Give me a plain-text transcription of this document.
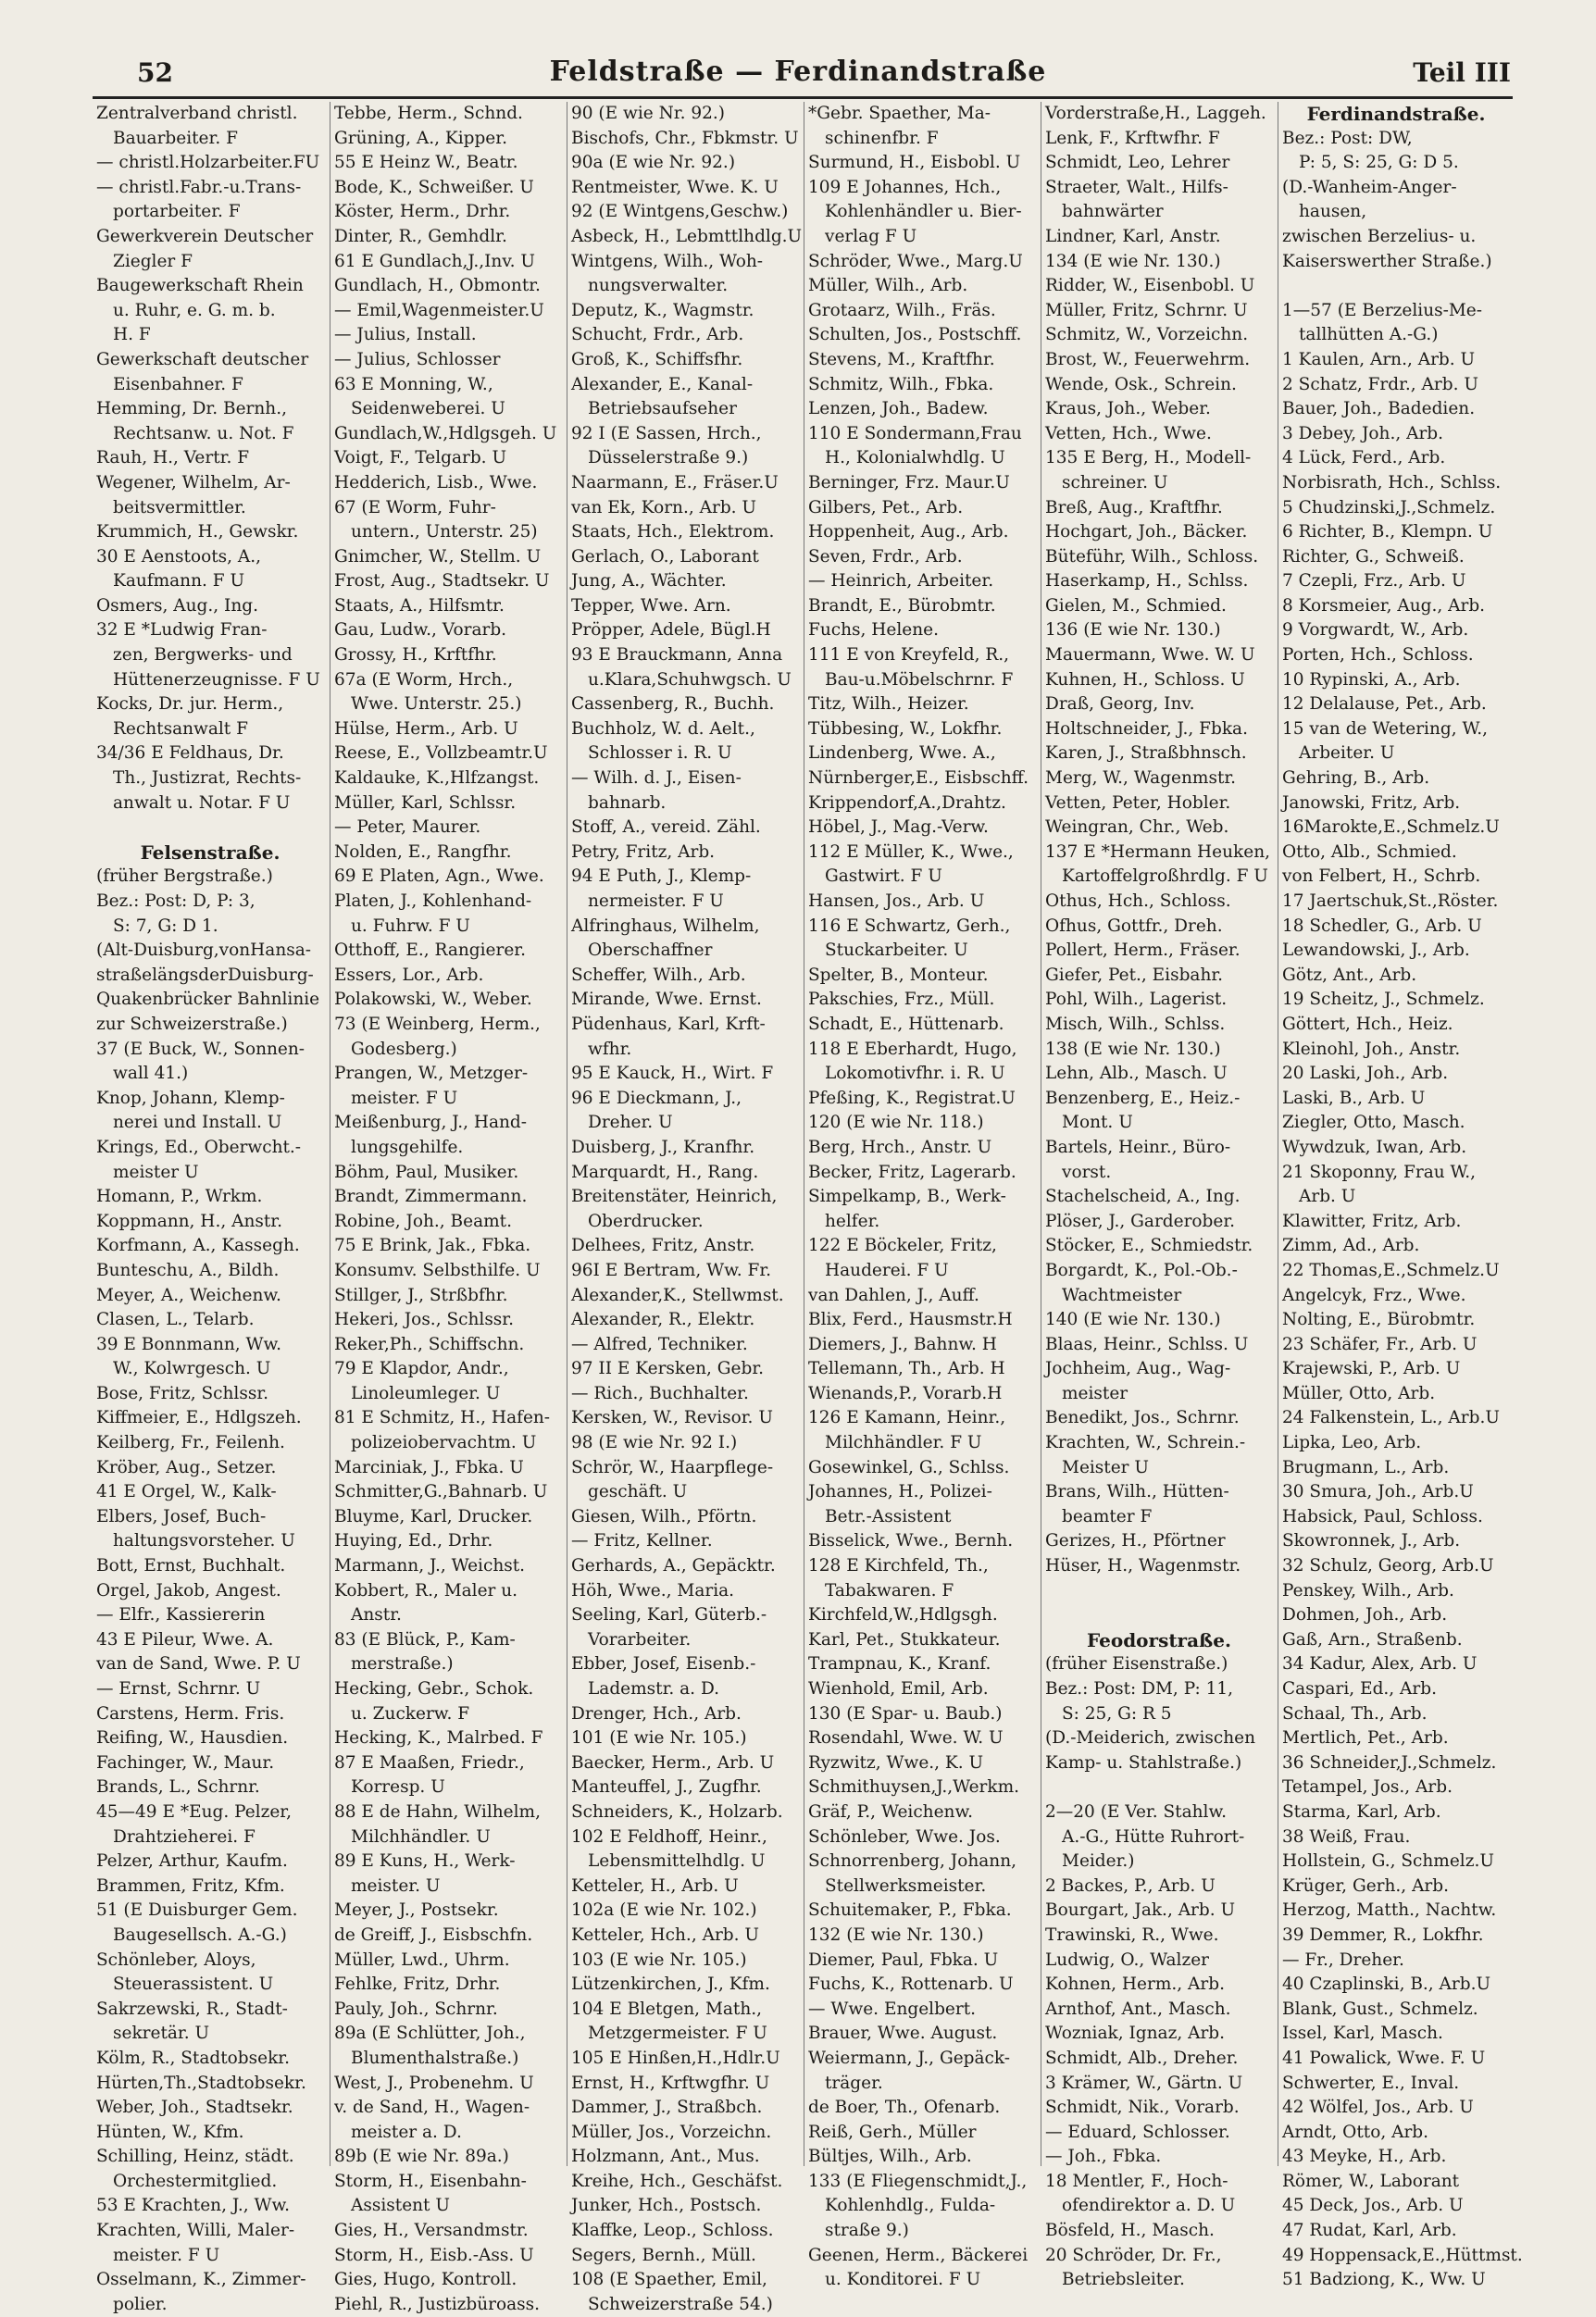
52	Feldstraße — Ferdinandstraße	Teil III
Zentralverband christl.
Bauarbeiter. F
— christl.Holzarbeiter.FU
— christl.Fabr.-u.Trans-
portarbeiter. F
Gewerkverein Deutscher
Ziegler F
Baugewerkschaft Rhein
u. Ruhr, e. G. m. b.
H. F
Gewerkschaft deutscher
Eisenbahner. F
Hemming, Dr. Bernh.,
Rechtsanw. u. Not. F
Rauh, H., Vertr. F
Wegener, Wilhelm, Ar-
beitsvermittler.
Krummich, H., Gewskr.
30 E Aenstoots, A.,
Kaufmann. F U
Osmers, Aug., Ing.
32 E *Ludwig Fran-
zen, Bergwerks- und
Hüttenerzeugnisse. F U
Kocks, Dr. jur. Herm.,
Rechtsanwalt F
34/36 E Feldhaus, Dr.
Th., Justizrat, Rechts-
anwalt u. Notar. F U
Felsenstraße.
(früher Bergstraße.)
Bez.: Post: D, P: 3,
S: 7, G: D 1.
(Alt-Duisburg,vonHansa-
straßelängsderDuisburg-
Quakenbrücker Bahnlinie
zur Schweizerstraße.)
37 (E Buck, W., Sonnen-
wall 41.)
Knop, Johann, Klemp-
nerei und Install. U
Krings, Ed., Oberwcht.-
meister U
Homann, P., Wrkm.
Koppmann, H., Anstr.
Korfmann, A., Kassegh.
Bunteschu, A., Bildh.
Meyer, A., Weichenw.
Clasen, L., Telarb.
39 E Bonnmann, Ww.
W., Kolwrgesch. U
Bose, Fritz, Schlssr.
Kiffmeier, E., Hdlgszeh.
Keilberg, Fr., Feilenh.
Kröber, Aug., Setzer.
41 E Orgel, W., Kalk-
Elbers, Josef, Buch-
haltungsvorsteher. U
Bott, Ernst, Buchhalt.
Orgel, Jakob, Angest.
— Elfr., Kassiererin
43 E Pileur, Wwe. A.
van de Sand, Wwe. P. U
— Ernst, Schrnr. U
Carstens, Herm. Fris.
Reifing, W., Hausdien.
Fachinger, W., Maur.
Brands, L., Schrnr.
45—49 E *Eug. Pelzer,
Drahtzieherei. F
Pelzer, Arthur, Kaufm.
Brammen, Fritz, Kfm.
51 (E Duisburger Gem.
Baugesellsch. A.-G.)
Schönleber, Aloys,
Steuerassistent. U
Sakrzewski, R., Stadt-
sekretär. U
Kölm, R., Stadtobsekr.
Hürten,Th.,Stadtobsekr.
Weber, Joh., Stadtsekr.
Hünten, W., Kfm.
Schilling, Heinz, städt.
Orchestermitglied.
53 E Krachten, J., Ww.
Krachten, Willi, Maler-
meister. F U
Osselmann, K., Zimmer-
polier.
Tebbe, Herm., Schnd.
Grüning, A., Kipper.
55 E Heinz W., Beatr.
Bode, K., Schweißer. U
Köster, Herm., Drhr.
Dinter, R., Gemhdlr.
61 E Gundlach,J.,Inv. U
Gundlach, H., Obmontr.
— Emil,Wagenmeister.U
— Julius, Install.
— Julius, Schlosser
63 E Monning, W.,
Seidenweberei. U
Gundlach,W.,Hdlgsgeh. U
Voigt, F., Telgarb. U
Hedderich, Lisb., Wwe.
67 (E Worm, Fuhr-
untern., Unterstr. 25)
Gnimcher, W., Stellm. U
Frost, Aug., Stadtsekr. U
Staats, A., Hilfsmtr.
Gau, Ludw., Vorarb.
Grossy, H., Krftfhr.
67a (E Worm, Hrch.,
Wwe. Unterstr. 25.)
Hülse, Herm., Arb. U
Reese, E., Vollzbeamtr.U
Kaldauke, K.,Hlfzangst.
Müller, Karl, Schlssr.
— Peter, Maurer.
Nolden, E., Rangfhr.
69 E Platen, Agn., Wwe.
Platen, J., Kohlenhand-
u. Fuhrw. F U
Otthoff, E., Rangierer.
Essers, Lor., Arb.
Polakowski, W., Weber.
73 (E Weinberg, Herm.,
Godesberg.)
Prangen, W., Metzger-
meister. F U
Meißenburg, J., Hand-
lungsgehilfe.
Böhm, Paul, Musiker.
Brandt, Zimmermann.
Robine, Joh., Beamt.
75 E Brink, Jak., Fbka.
Konsumv. Selbsthilfe. U
Stillger, J., Strßbfhr.
Hekeri, Jos., Schlssr.
Reker,Ph., Schiffschn.
79 E Klapdor, Andr.,
Linoleumleger. U
81 E Schmitz, H., Hafen-
polizeiobervachtm. U
Marciniak, J., Fbka. U
Schmitter,G.,Bahnarb. U
Bluyme, Karl, Drucker.
Huying, Ed., Drhr.
Marmann, J., Weichst.
Kobbert, R., Maler u.
Anstr.
83 (E Blück, P., Kam-
merstraße.)
Hecking, Gebr., Schok.
u. Zuckerw. F
Hecking, K., Malrbed. F
87 E Maaßen, Friedr.,
Korresp. U
88 E de Hahn, Wilhelm,
Milchhändler. U
89 E Kuns, H., Werk-
meister. U
Meyer, J., Postsekr.
de Greiff, J., Eisbschfn.
Müller, Lwd., Uhrm.
Fehlke, Fritz, Drhr.
Pauly, Joh., Schrnr.
89a (E Schlütter, Joh.,
Blumenthalstraße.)
West, J., Probenehm. U
v. de Sand, H., Wagen-
meister a. D.
89b (E wie Nr. 89a.)
Storm, H., Eisenbahn-
Assistent U
Gies, H., Versandmstr.
Storm, H., Eisb.-Ass. U
Gies, Hugo, Kontroll.
Piehl, R., Justizbüroass.
90 (E wie Nr. 92.)
Bischofs, Chr., Fbkmstr. U
90a (E wie Nr. 92.)
Rentmeister, Wwe. K. U
92 (E Wintgens,Geschw.)
Asbeck, H., Lebmttlhdlg.U
Wintgens, Wilh., Woh-
nungsverwalter.
Deputz, K., Wagmstr.
Schucht, Frdr., Arb.
Groß, K., Schiffsfhr.
Alexander, E., Kanal-
Betriebsaufseher
92 I (E Sassen, Hrch.,
Düsselerstraße 9.)
Naarmann, E., Fräser.U
van Ek, Korn., Arb. U
Staats, Hch., Elektrom.
Gerlach, O., Laborant
Jung, A., Wächter.
Tepper, Wwe. Arn.
Pröpper, Adele, Bügl.H
93 E Brauckmann, Anna
u.Klara,Schuhwgsch. U
Cassenberg, R., Buchh.
Buchholz, W. d. Aelt.,
Schlosser i. R. U
— Wilh. d. J., Eisen-
bahnarb.
Stoff, A., vereid. Zähl.
Petry, Fritz, Arb.
94 E Puth, J., Klemp-
nermeister. F U
Alfringhaus, Wilhelm,
Oberschaffner
Scheffer, Wilh., Arb.
Mirande, Wwe. Ernst.
Püdenhaus, Karl, Krft-
wfhr.
95 E Kauck, H., Wirt. F
96 E Dieckmann, J.,
Dreher. U
Duisberg, J., Kranfhr.
Marquardt, H., Rang.
Breitenstäter, Heinrich,
Oberdrucker.
Delhees, Fritz, Anstr.
96I E Bertram, Ww. Fr.
Alexander,K., Stellwmst.
Alexander, R., Elektr.
— Alfred, Techniker.
97 II E Kersken, Gebr.
— Rich., Buchhalter.
Kersken, W., Revisor. U
98 (E wie Nr. 92 I.)
Schrör, W., Haarpflege-
geschäft. U
Giesen, Wilh., Pförtn.
— Fritz, Kellner.
Gerhards, A., Gepäcktr.
Höh, Wwe., Maria.
Seeling, Karl, Güterb.-
Vorarbeiter.
Ebber, Josef, Eisenb.-
Lademstr. a. D.
Drenger, Hch., Arb.
101 (E wie Nr. 105.)
Baecker, Herm., Arb. U
Manteuffel, J., Zugfhr.
Schneiders, K., Holzarb.
102 E Feldhoff, Heinr.,
Lebensmittelhdlg. U
Ketteler, H., Arb. U
102a (E wie Nr. 102.)
Ketteler, Hch., Arb. U
103 (E wie Nr. 105.)
Lützenkirchen, J., Kfm.
104 E Bletgen, Math.,
Metzgermeister. F U
105 E Hinßen,H.,Hdlr.U
Ernst, H., Krftwgfhr. U
Dammer, J., Straßbch.
Müller, Jos., Vorzeichn.
Holzmann, Ant., Mus.
Kreihe, Hch., Geschäfst.
Junker, Hch., Postsch.
Klaffke, Leop., Schloss.
Segers, Bernh., Müll.
108 (E Spaether, Emil,
Schweizerstraße 54.)
*Gebr. Spaether, Ma-
schinenfbr. F
Surmund, H., Eisbobl. U
109 E Johannes, Hch.,
Kohlenhändler u. Bier-
verlag F U
Schröder, Wwe., Marg.U
Müller, Wilh., Arb.
Grotaarz, Wilh., Fräs.
Schulten, Jos., Postschff.
Stevens, M., Kraftfhr.
Schmitz, Wilh., Fbka.
Lenzen, Joh., Badew.
110 E Sondermann,Frau
H., Kolonialwhdlg. U
Berninger, Frz. Maur.U
Gilbers, Pet., Arb.
Hoppenheit, Aug., Arb.
Seven, Frdr., Arb.
— Heinrich, Arbeiter.
Brandt, E., Bürobmtr.
Fuchs, Helene.
111 E von Kreyfeld, R.,
Bau-u.Möbelschrnr. F
Titz, Wilh., Heizer.
Tübbesing, W., Lokfhr.
Lindenberg, Wwe. A.,
Nürnberger,E., Eisbschff.
Krippendorf,A.,Drahtz.
Höbel, J., Mag.-Verw.
112 E Müller, K., Wwe.,
Gastwirt. F U
Hansen, Jos., Arb. U
116 E Schwartz, Gerh.,
Stuckarbeiter. U
Spelter, B., Monteur.
Pakschies, Frz., Müll.
Schadt, E., Hüttenarb.
118 E Eberhardt, Hugo,
Lokomotivfhr. i. R. U
Pfeßing, K., Registrat.U
120 (E wie Nr. 118.)
Berg, Hrch., Anstr. U
Becker, Fritz, Lagerarb.
Simpelkamp, B., Werk-
helfer.
122 E Böckeler, Fritz,
Hauderei. F U
van Dahlen, J., Auff.
Blix, Ferd., Hausmstr.H
Diemers, J., Bahnw. H
Tellemann, Th., Arb. H
Wienands,P., Vorarb.H
126 E Kamann, Heinr.,
Milchhändler. F U
Gosewinkel, G., Schlss.
Johannes, H., Polizei-
Betr.-Assistent
Bisselick, Wwe., Bernh.
128 E Kirchfeld, Th.,
Tabakwaren. F
Kirchfeld,W.,Hdlgsgh.
Karl, Pet., Stukkateur.
Trampnau, K., Kranf.
Wienhold, Emil, Arb.
130 (E Spar- u. Baub.)
Rosendahl, Wwe. W. U
Ryzwitz, Wwe., K. U
Schmithuysen,J.,Werkm.
Gräf, P., Weichenw.
Schönleber, Wwe. Jos.
Schnorrenberg, Johann,
Stellwerksmeister.
Schuitemaker, P., Fbka.
132 (E wie Nr. 130.)
Diemer, Paul, Fbka. U
Fuchs, K., Rottenarb. U
— Wwe. Engelbert.
Brauer, Wwe. August.
Weiermann, J., Gepäck-
träger.
de Boer, Th., Ofenarb.
Reiß, Gerh., Müller
Bültjes, Wilh., Arb.
133 (E Fliegenschmidt,J.,
Kohlenhdlg., Fulda-
straße 9.)
Geenen, Herm., Bäckerei
u. Konditorei. F U
Vorderstraße,H., Laggeh.
Lenk, F., Krftwfhr. F
Schmidt, Leo, Lehrer
Straeter, Walt., Hilfs-
bahnwärter
Lindner, Karl, Anstr.
134 (E wie Nr. 130.)
Ridder, W., Eisenbobl. U
Müller, Fritz, Schrnr. U
Schmitz, W., Vorzeichn.
Brost, W., Feuerwehrm.
Wende, Osk., Schrein.
Kraus, Joh., Weber.
Vetten, Hch., Wwe.
135 E Berg, H., Modell-
schreiner. U
Breß, Aug., Kraftfhr.
Hochgart, Joh., Bäcker.
Büteführ, Wilh., Schloss.
Haserkamp, H., Schlss.
Gielen, M., Schmied.
136 (E wie Nr. 130.)
Mauermann, Wwe. W. U
Kuhnen, H., Schloss. U
Draß, Georg, Inv.
Holtschneider, J., Fbka.
Karen, J., Straßbhnsch.
Merg, W., Wagenmstr.
Vetten, Peter, Hobler.
Weingran, Chr., Web.
137 E *Hermann Heuken,
Kartoffelgroßhrdlg. F U
Othus, Hch., Schloss.
Ofhus, Gottfr., Dreh.
Pollert, Herm., Fräser.
Giefer, Pet., Eisbahr.
Pohl, Wilh., Lagerist.
Misch, Wilh., Schlss.
138 (E wie Nr. 130.)
Lehn, Alb., Masch. U
Benzenberg, E., Heiz.-
Mont. U
Bartels, Heinr., Büro-
vorst.
Stachelscheid, A., Ing.
Plöser, J., Garderober.
Stöcker, E., Schmiedstr.
Borgardt, K., Pol.-Ob.-
Wachtmeister
140 (E wie Nr. 130.)
Blaas, Heinr., Schlss. U
Jochheim, Aug., Wag-
meister
Benedikt, Jos., Schrnr.
Krachten, W., Schrein.-
Meister U
Brans, Wilh., Hütten-
beamter F
Gerizes, H., Pförtner
Hüser, H., Wagenmstr.
Feodorstraße.
(früher Eisenstraße.)
Bez.: Post: DM, P: 11,
S: 25, G: R 5
(D.-Meiderich, zwischen
Kamp- u. Stahlstraße.)
2—20 (E Ver. Stahlw.
A.-G., Hütte Ruhrort-
Meider.)
2 Backes, P., Arb. U
Bourgart, Jak., Arb. U
Trawinski, R., Wwe.
Ludwig, O., Walzer
Kohnen, Herm., Arb.
Arnthof, Ant., Masch.
Wozniak, Ignaz, Arb.
Schmidt, Alb., Dreher.
3 Krämer, W., Gärtn. U
Schmidt, Nik., Vorarb.
— Eduard, Schlosser.
— Joh., Fbka.
18 Mentler, F., Hoch-
ofendirektor a. D. U
Bösfeld, H., Masch.
20 Schröder, Dr. Fr.,
Betriebsleiter.
Ferdinandstraße.
Bez.: Post: DW,
P: 5, S: 25, G: D 5.
(D.-Wanheim-Anger-
hausen,
zwischen Berzelius- u.
Kaiserswerther Straße.)
1—57 (E Berzelius-Me-
tallhütten A.-G.)
1 Kaulen, Arn., Arb. U
2 Schatz, Frdr., Arb. U
Bauer, Joh., Badedien.
3 Debey, Joh., Arb.
4 Lück, Ferd., Arb.
Norbisrath, Hch., Schlss.
5 Chudzinski,J.,Schmelz.
6 Richter, B., Klempn. U
Richter, G., Schweiß.
7 Czepli, Frz., Arb. U
8 Korsmeier, Aug., Arb.
9 Vorgwardt, W., Arb.
Porten, Hch., Schloss.
10 Rypinski, A., Arb.
12 Delalause, Pet., Arb.
15 van de Wetering, W.,
Arbeiter. U
Gehring, B., Arb.
Janowski, Fritz, Arb.
16Marokte,E.,Schmelz.U
Otto, Alb., Schmied.
von Felbert, H., Schrb.
17 Jaertschuk,St.,Röster.
18 Schedler, G., Arb. U
Lewandowski, J., Arb.
Götz, Ant., Arb.
19 Scheitz, J., Schmelz.
Göttert, Hch., Heiz.
Kleinohl, Joh., Anstr.
20 Laski, Joh., Arb.
Laski, B., Arb. U
Ziegler, Otto, Masch.
Wywdzuk, Iwan, Arb.
21 Skoponny, Frau W.,
Arb. U
Klawitter, Fritz, Arb.
Zimm, Ad., Arb.
22 Thomas,E.,Schmelz.U
Angelcyk, Frz., Wwe.
Nolting, E., Bürobmtr.
23 Schäfer, Fr., Arb. U
Krajewski, P., Arb. U
Müller, Otto, Arb.
24 Falkenstein, L., Arb.U
Lipka, Leo, Arb.
Brugmann, L., Arb.
30 Smura, Joh., Arb.U
Habsick, Paul, Schloss.
Skowronnek, J., Arb.
32 Schulz, Georg, Arb.U
Penskey, Wilh., Arb.
Dohmen, Joh., Arb.
Gaß, Arn., Straßenb.
34 Kadur, Alex, Arb. U
Caspari, Ed., Arb.
Schaal, Th., Arb.
Mertlich, Pet., Arb.
36 Schneider,J.,Schmelz.
Tetampel, Jos., Arb.
Starma, Karl, Arb.
38 Weiß, Frau.
Hollstein, G., Schmelz.U
Krüger, Gerh., Arb.
Herzog, Matth., Nachtw.
39 Demmer, R., Lokfhr.
— Fr., Dreher.
40 Czaplinski, B., Arb.U
Blank, Gust., Schmelz.
Issel, Karl, Masch.
41 Powalick, Wwe. F. U
Schwerter, E., Inval.
42 Wölfel, Jos., Arb. U
Arndt, Otto, Arb.
43 Meyke, H., Arb.
Römer, W., Laborant
45 Deck, Jos., Arb. U
47 Rudat, Karl, Arb.
49 Hoppensack,E.,Hüttmst.
51 Badziong, K., Ww. U
